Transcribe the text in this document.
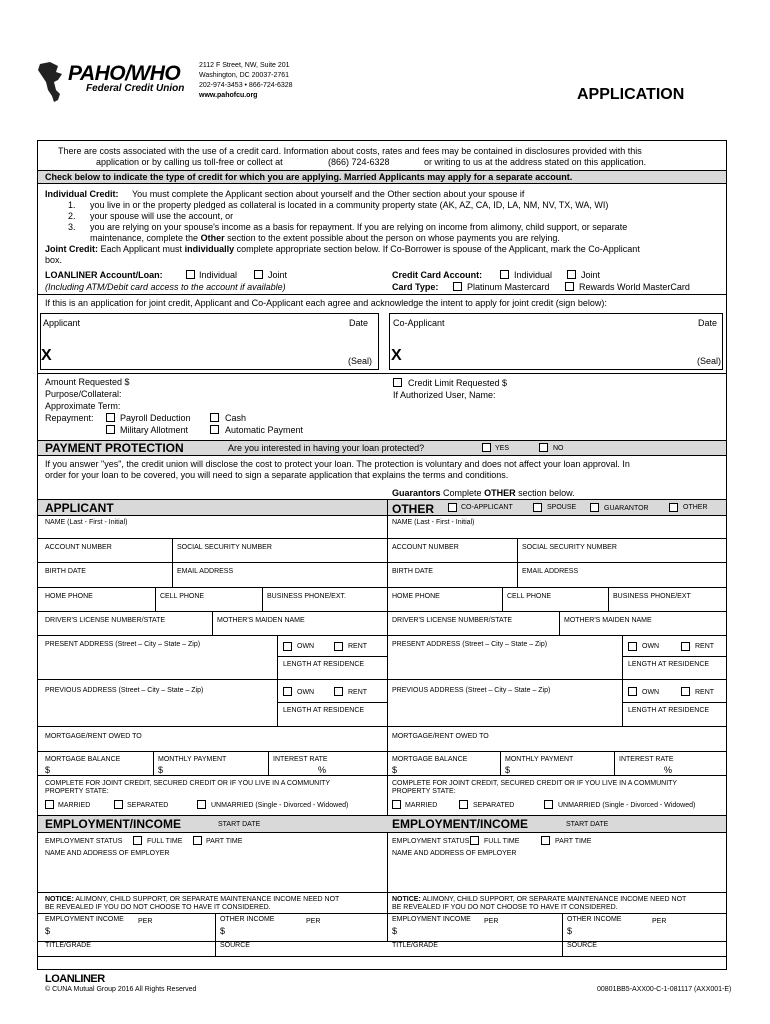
PAHO/WHO
Federal Credit Union
2112 F Street, NW, Suite 201
Washington, DC 20037-2761
202-974-3453 • 866-724-6328
www.pahofcu.org	APPLICATION
There are costs associated with the use of a credit card. Information about costs, rates and fees may be contained in disclosures provided with this
application or by calling us toll-free or collect at	(866) 724-6328	or writing to us at the address stated on this application.
Check below to indicate the type of credit for which you are applying. Married Applicants may apply for a separate account.
Individual Credit: You must complete the Applicant section about yourself and the Other section about your spouse if
1. you live in or the property pledged as collateral is located in a community property state (AK, AZ, CA, ID, LA, NM, NV, TX, WA, WI)
2. your spouse will use the account, or
3. you are relying on your spouse's income as a basis for repayment. If you are relying on income from alimony, child support, or separate
maintenance, complete the Other section to the extent possible about the person on whose payments you are relying.
Joint Credit: Each Applicant must individually complete appropriate section below. If Co-Borrower is spouse of the Applicant, mark the Co-Applicant
box.
LOANLINER Account/Loan:	Individual	Joint
(Including ATM/Debit card access to the account if available)
Credit Card Account:	Individual	Joint
Card Type:	Platinum Mastercard	Rewards World MasterCard
If this is an application for joint credit, Applicant and Co-Applicant each agree and acknowledge the intent to apply for joint credit (sign below):
Applicant	Date
X	(Seal)
Co-Applicant	Date
X	(Seal)
Amount Requested $
Purpose/Collateral:
Approximate Term:
Repayment:	Payroll Deduction	Cash
Military Allotment	Automatic Payment
Credit Limit Requested $
If Authorized User, Name:
PAYMENT PROTECTION	Are you interested in having your loan protected?	YES	NO
If you answer "yes", the credit union will disclose the cost to protect your loan. The protection is voluntary and does not affect your loan approval. In
order for your loan to be covered, you will need to sign a separate application that explains the terms and conditions.
Guarantors Complete OTHER section below.
APPLICANT	OTHER	CO-APPLICANT	SPOUSE	GUARANTOR	OTHER
NAME (Last - First - Initial)
ACCOUNT NUMBER	SOCIAL SECURITY NUMBER
BIRTH DATE	EMAIL ADDRESS
HOME PHONE	CELL PHONE	BUSINESS PHONE/EXT.
DRIVER'S LICENSE NUMBER/STATE	MOTHER'S MAIDEN NAME
PRESENT ADDRESS (Street – City – State – Zip)	OWN	RENT
LENGTH AT RESIDENCE
PREVIOUS ADDRESS (Street – City – State – Zip)	OWN	RENT
LENGTH AT RESIDENCE
MORTGAGE/RENT OWED TO
MORTGAGE BALANCE
$
MONTHLY PAYMENT
$
INTEREST RATE
%
COMPLETE FOR JOINT CREDIT, SECURED CREDIT OR IF YOU LIVE IN A COMMUNITY
PROPERTY STATE:
MARRIED	SEPARATED	UNMARRIED (Single - Divorced - Widowed)
EMPLOYMENT/INCOME	START DATE
EMPLOYMENT STATUS	FULL TIME	PART TIME
NAME AND ADDRESS OF EMPLOYER
NOTICE: ALIMONY, CHILD SUPPORT, OR SEPARATE MAINTENANCE INCOME NEED NOT
BE REVEALED IF YOU DO NOT CHOOSE TO HAVE IT CONSIDERED.
EMPLOYMENT INCOME PER
$
OTHER INCOME	PER
$
TITLE/GRADE	SOURCE
NAME (Last - First - Initial)
ACCOUNT NUMBER	SOCIAL SECURITY NUMBER
BIRTH DATE	EMAIL ADDRESS
HOME PHONE	CELL PHONE	BUSINESS PHONE/EXT
DRIVER'S LICENSE NUMBER/STATE	MOTHER'S MAIDEN NAME
PRESENT ADDRESS (Street – City – State – Zip)	OWN	RENT
LENGTH AT RESIDENCE
PREVIOUS ADDRESS (Street – City – State – Zip)	OWN	RENT
LENGTH AT RESIDENCE
MORTGAGE/RENT OWED TO
MORTGAGE BALANCE
$
MONTHLY PAYMENT
$
INTEREST RATE
%
COMPLETE FOR JOINT CREDIT, SECURED CREDIT OR IF YOU LIVE IN A COMMUNITY
PROPERTY STATE:
MARRIED	SEPARATED	UNMARRIED (Single - Divorced - Widowed)
EMPLOYMENT/INCOME	START DATE
EMPLOYMENT STATUS FULL TIME	PART TIME
NAME AND ADDRESS OF EMPLOYER
NOTICE: ALIMONY, CHILD SUPPORT, OR SEPARATE MAINTENANCE INCOME NEED NOT
BE REVEALED IF YOU DO NOT CHOOSE TO HAVE IT CONSIDERED.
EMPLOYMENT INCOME PER
$
OTHER INCOME	PER
$
TITLE/GRADE	SOURCE
LOANLINER
© CUNA Mutual Group 2016 All Rights Reserved	00801BB5-AXX00-C-1-081117 (AXX001-E)
